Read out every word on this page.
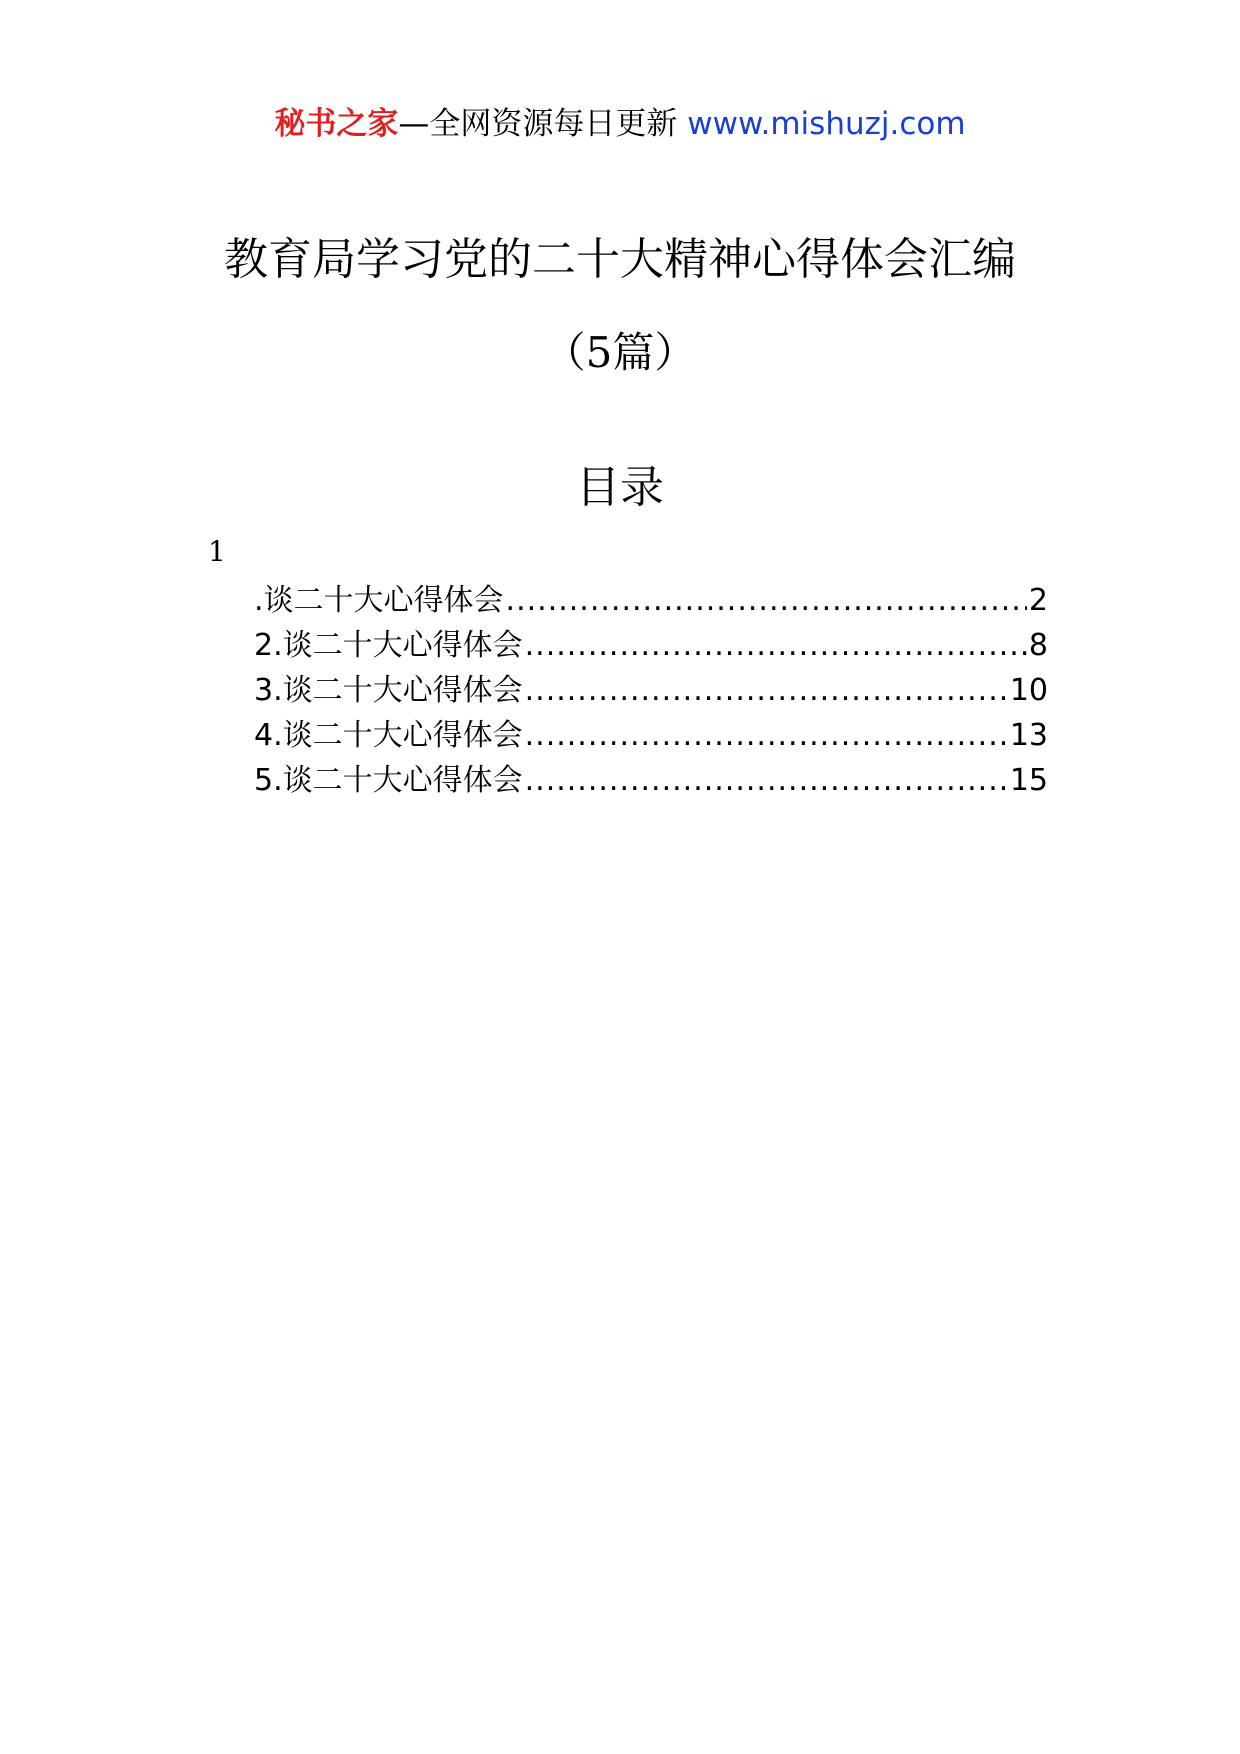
秘书之家—全网资源每日更新 www.mishuzj.com
教育局学习党的二十大精神心得体会汇编
（5篇）
目录
1
.谈二十大心得体会 .....	2
2.谈二十大心得体会 .....	8
3.谈二十大心得体会 .....	10
4.谈二十大心得体会 .....	13
5.谈二十大心得体会 .....	15
